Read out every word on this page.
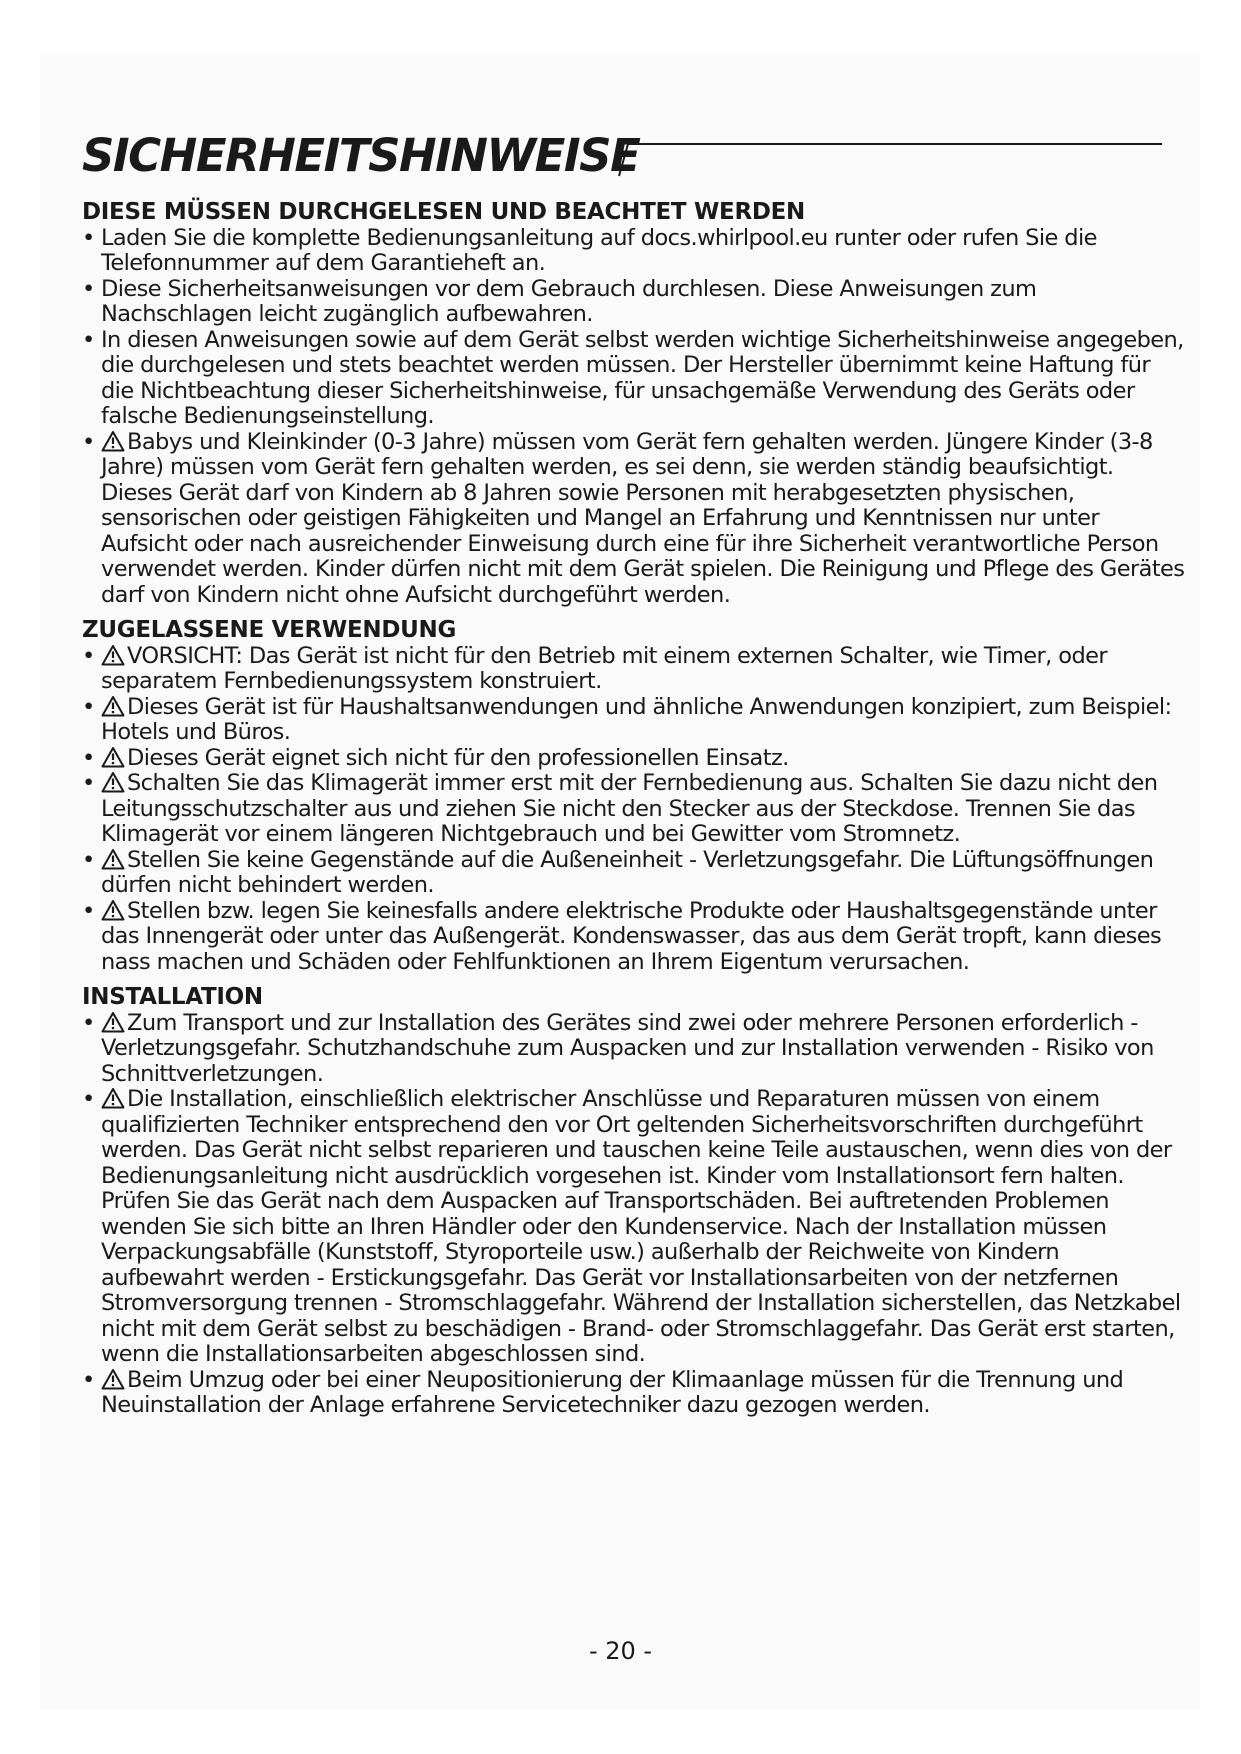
SICHERHEITSHINWEISE
DIESE MÜSSEN DURCHGELESEN UND BEACHTET WERDEN
• Laden Sie die komplette Bedienungsanleitung auf docs.whirlpool.eu runter oder rufen Sie die Telefonnummer auf dem Garantieheft an.
• Diese Sicherheitsanweisungen vor dem Gebrauch durchlesen. Diese Anweisungen zum Nachschlagen leicht zugänglich aufbewahren.
• In diesen Anweisungen sowie auf dem Gerät selbst werden wichtige Sicherheitshinweise angegeben, die durchgelesen und stets beachtet werden müssen. Der Hersteller übernimmt keine Haftung für die Nichtbeachtung dieser Sicherheitshinweise, für unsachgemäße Verwendung des Geräts oder falsche Bedienungseinstellung.
• Babys und Kleinkinder (0-3 Jahre) müssen vom Gerät fern gehalten werden. Jüngere Kinder (3-8 Jahre) müssen vom Gerät fern gehalten werden, es sei denn, sie werden ständig beaufsichtigt. Dieses Gerät darf von Kindern ab 8 Jahren sowie Personen mit herabgesetzten physischen, sensorischen oder geistigen Fähigkeiten und Mangel an Erfahrung und Kenntnissen nur unter Aufsicht oder nach ausreichender Einweisung durch eine für ihre Sicherheit verantwortliche Person verwendet werden. Kinder dürfen nicht mit dem Gerät spielen. Die Reinigung und Pflege des Gerätes darf von Kindern nicht ohne Aufsicht durchgeführt werden.
ZUGELASSENE VERWENDUNG
• VORSICHT: Das Gerät ist nicht für den Betrieb mit einem externen Schalter, wie Timer, oder separatem Fernbedienungssystem konstruiert.
• Dieses Gerät ist für Haushaltsanwendungen und ähnliche Anwendungen konzipiert, zum Beispiel: Hotels und Büros.
• Dieses Gerät eignet sich nicht für den professionellen Einsatz.
• Schalten Sie das Klimagerät immer erst mit der Fernbedienung aus. Schalten Sie dazu nicht den Leitungsschutzschalter aus und ziehen Sie nicht den Stecker aus der Steckdose. Trennen Sie das Klimagerät vor einem längeren Nichtgebrauch und bei Gewitter vom Stromnetz.
• Stellen Sie keine Gegenstände auf die Außeneinheit - Verletzungsgefahr. Die Lüftungsöffnungen dürfen nicht behindert werden.
• Stellen bzw. legen Sie keinesfalls andere elektrische Produkte oder Haushaltsgegenstände unter das Innengerät oder unter das Außengerät. Kondenswasser, das aus dem Gerät tropft, kann dieses nass machen und Schäden oder Fehlfunktionen an Ihrem Eigentum verursachen.
INSTALLATION
• Zum Transport und zur Installation des Gerätes sind zwei oder mehrere Personen erforderlich - Verletzungsgefahr. Schutzhandschuhe zum Auspacken und zur Installation verwenden - Risiko von Schnittverletzungen.
• Die Installation, einschließlich elektrischer Anschlüsse und Reparaturen müssen von einem qualifizierten Techniker entsprechend den vor Ort geltenden Sicherheitsvorschriften durchgeführt werden. Das Gerät nicht selbst reparieren und tauschen keine Teile austauschen, wenn dies von der Bedienungsanleitung nicht ausdrücklich vorgesehen ist. Kinder vom Installationsort fern halten. Prüfen Sie das Gerät nach dem Auspacken auf Transportschäden. Bei auftretenden Problemen wenden Sie sich bitte an Ihren Händler oder den Kundenservice. Nach der Installation müssen Verpackungsabfälle (Kunststoff, Styroporteile usw.) außerhalb der Reichweite von Kindern aufbewahrt werden - Erstickungsgefahr. Das Gerät vor Installationsarbeiten von der netzfernen Stromversorgung trennen - Stromschlaggefahr. Während der Installation sicherstellen, das Netzkabel nicht mit dem Gerät selbst zu beschädigen - Brand- oder Stromschlaggefahr. Das Gerät erst starten, wenn die Installationsarbeiten abgeschlossen sind.
• Beim Umzug oder bei einer Neupositionierung der Klimaanlage müssen für die Trennung und Neuinstallation der Anlage erfahrene Servicetechniker dazu gezogen werden.
- 20 -
